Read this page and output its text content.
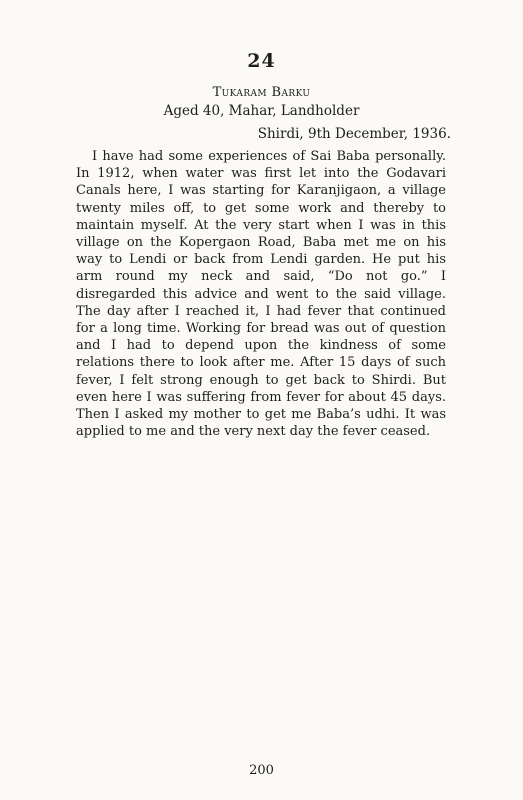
24
Tukaram Barku
Aged 40, Mahar, Landholder
Shirdi, 9th December, 1936.

I have had some experiences of Sai Baba personally. In 1912, when water was first let into the Godavari Canals here, I was starting for Karanjigaon, a village twenty miles off, to get some work and thereby to maintain myself. At the very start when I was in this village on the Kopergaon Road, Baba met me on his way to Lendi or back from Lendi garden. He put his arm round my neck and said, “Do not go.” I disregarded this advice and went to the said village. The day after I reached it, I had fever that continued for a long time. Working for bread was out of question and I had to depend upon the kindness of some relations there to look after me. After 15 days of such fever, I felt strong enough to get back to Shirdi. But even here I was suffering from fever for about 45 days. Then I asked my mother to get me Baba’s udhi. It was applied to me and the very next day the fever ceased.

200
